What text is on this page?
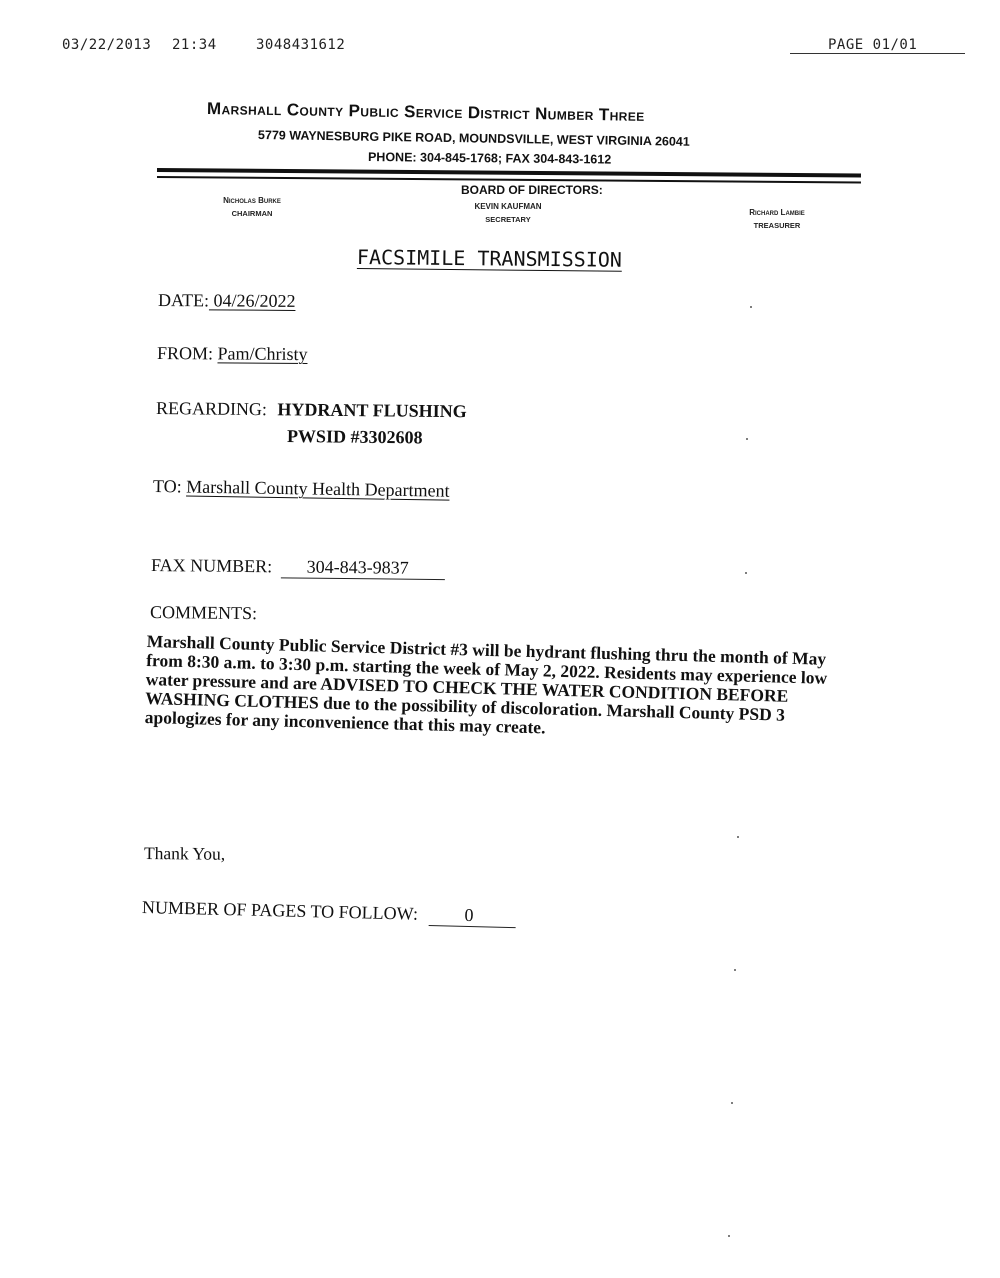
03/22/2013 21:34	3048431612	PAGE 01/01
Marshall County Public Service District Number Three
5779 WAYNESBURG PIKE ROAD, MOUNDSVILLE, WEST VIRGINIA 26041
PHONE: 304-845-1768; FAX 304-843-1612
BOARD OF DIRECTORS:
Nicholas Burke
CHAIRMAN
KEVIN KAUFMAN
SECRETARY
Richard Lambie
TREASURER
FACSIMILE TRANSMISSION
DATE: 04/26/2022
FROM: Pam/Christy
REGARDING: HYDRANT FLUSHING
PWSID #3302608
TO: Marshall County Health Department
FAX NUMBER: 304-843-9837
COMMENTS:
Marshall County Public Service District #3 will be hydrant flushing thru the month of May from 8:30 a.m. to 3:30 p.m. starting the week of May 2, 2022. Residents may experience low water pressure and are ADVISED TO CHECK THE WATER CONDITION BEFORE WASHING CLOTHES due to the possibility of discoloration. Marshall County PSD 3 apologizes for any inconvenience that this may create.
Thank You,
NUMBER OF PAGES TO FOLLOW:	0
